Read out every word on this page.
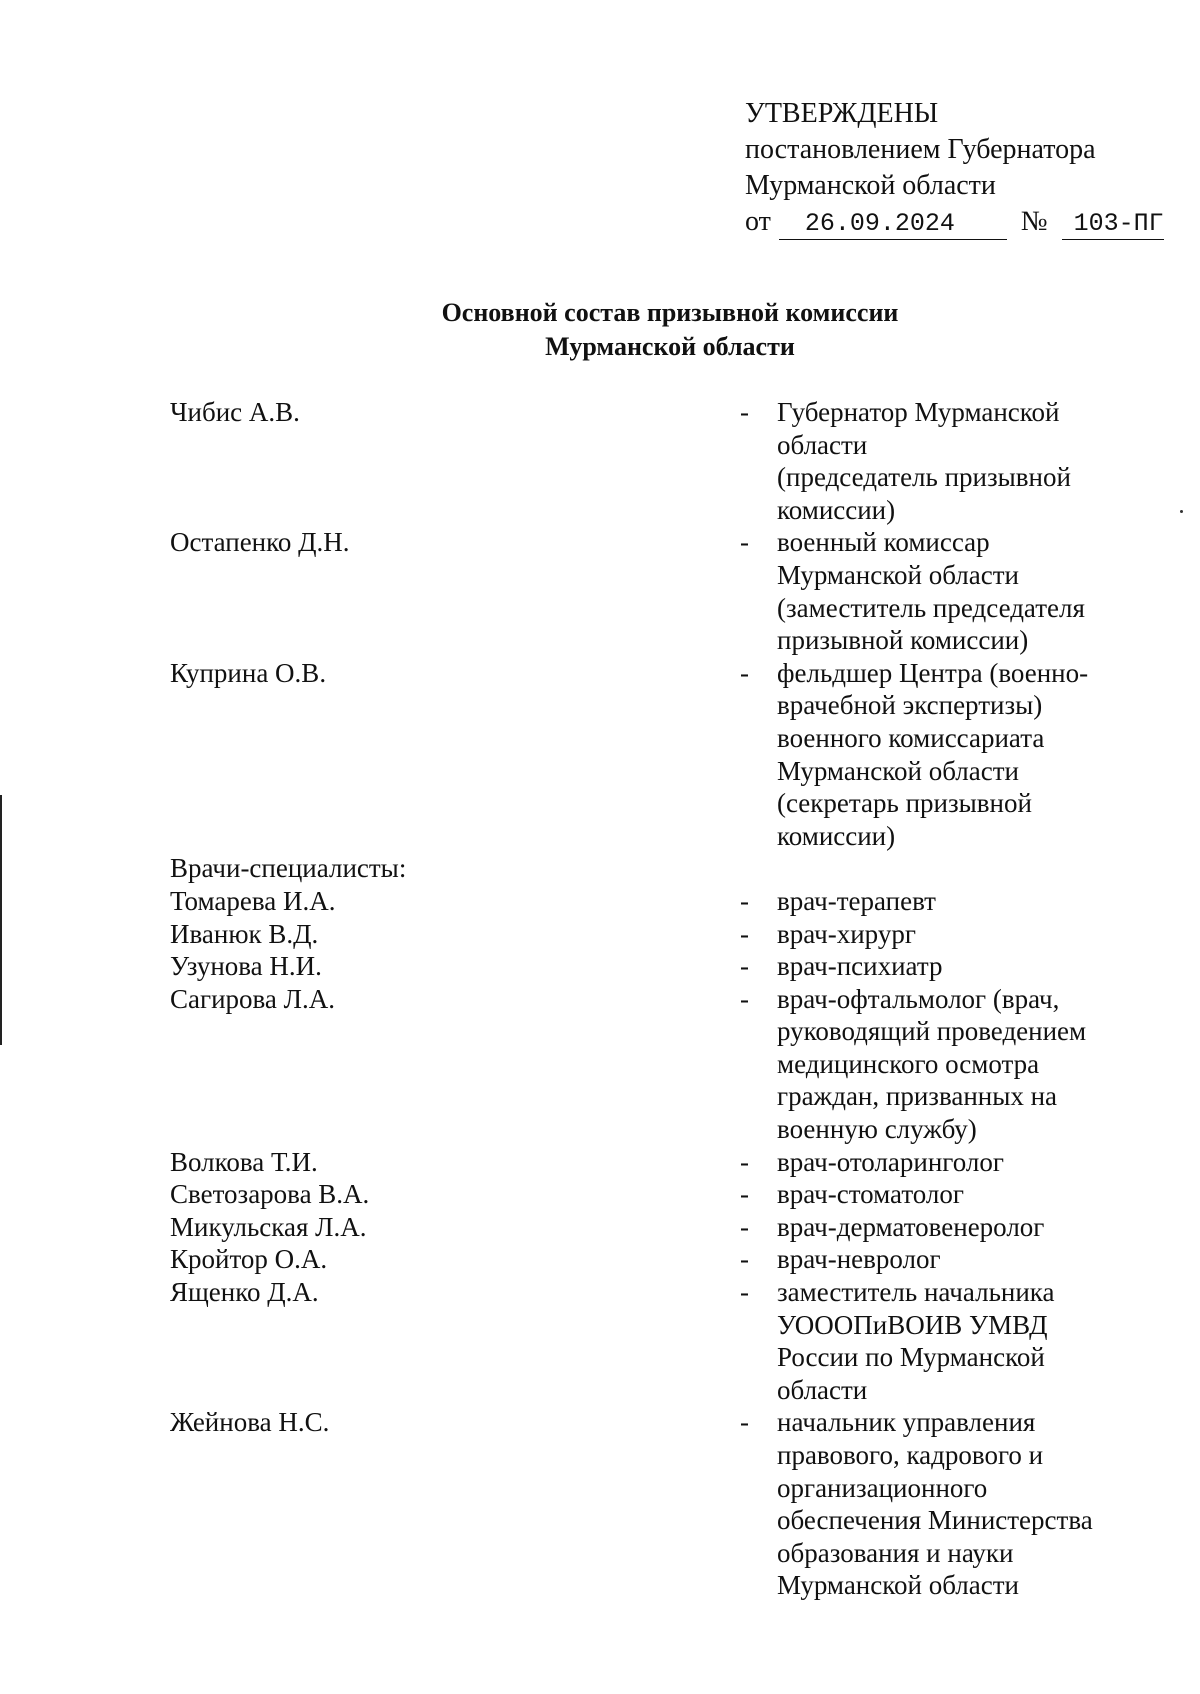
УТВЕРЖДЕНЫ
постановлением Губернатора
Мурманской области
от 26.09.2024 № 103-ПГ
Основной состав призывной комиссии
Мурманской области
Чибис А.В.	-	Губернатор Мурманской
области
(председатель призывной
комиссии)
Остапенко Д.Н.	-	военный комиссар
Мурманской области
(заместитель председателя
призывной комиссии)
Куприна О.В.	-	фельдшер Центра (военно-
врачебной экспертизы)
военного комиссариата
Мурманской области
(секретарь призывной
комиссии)
Врачи-специалисты:
Томарева И.А.	-	врач-терапевт
Иванюк В.Д.	-	врач-хирург
Узунова Н.И.	-	врач-психиатр
Сагирова Л.А.	-	врач-офтальмолог (врач,
руководящий проведением
медицинского осмотра
граждан, призванных на
военную службу)
Волкова Т.И.	-	врач-отоларинголог
Светозарова В.А.	-	врач-стоматолог
Микульская Л.А.	-	врач-дерматовенеролог
Кройтор О.А.	-	врач-невролог
Ященко Д.А.	-	заместитель начальника
УОООПиВОИВ УМВД
России по Мурманской
области
Жейнова Н.С.	-	начальник управления
правового, кадрового и
организационного
обеспечения Министерства
образования и науки
Мурманской области
